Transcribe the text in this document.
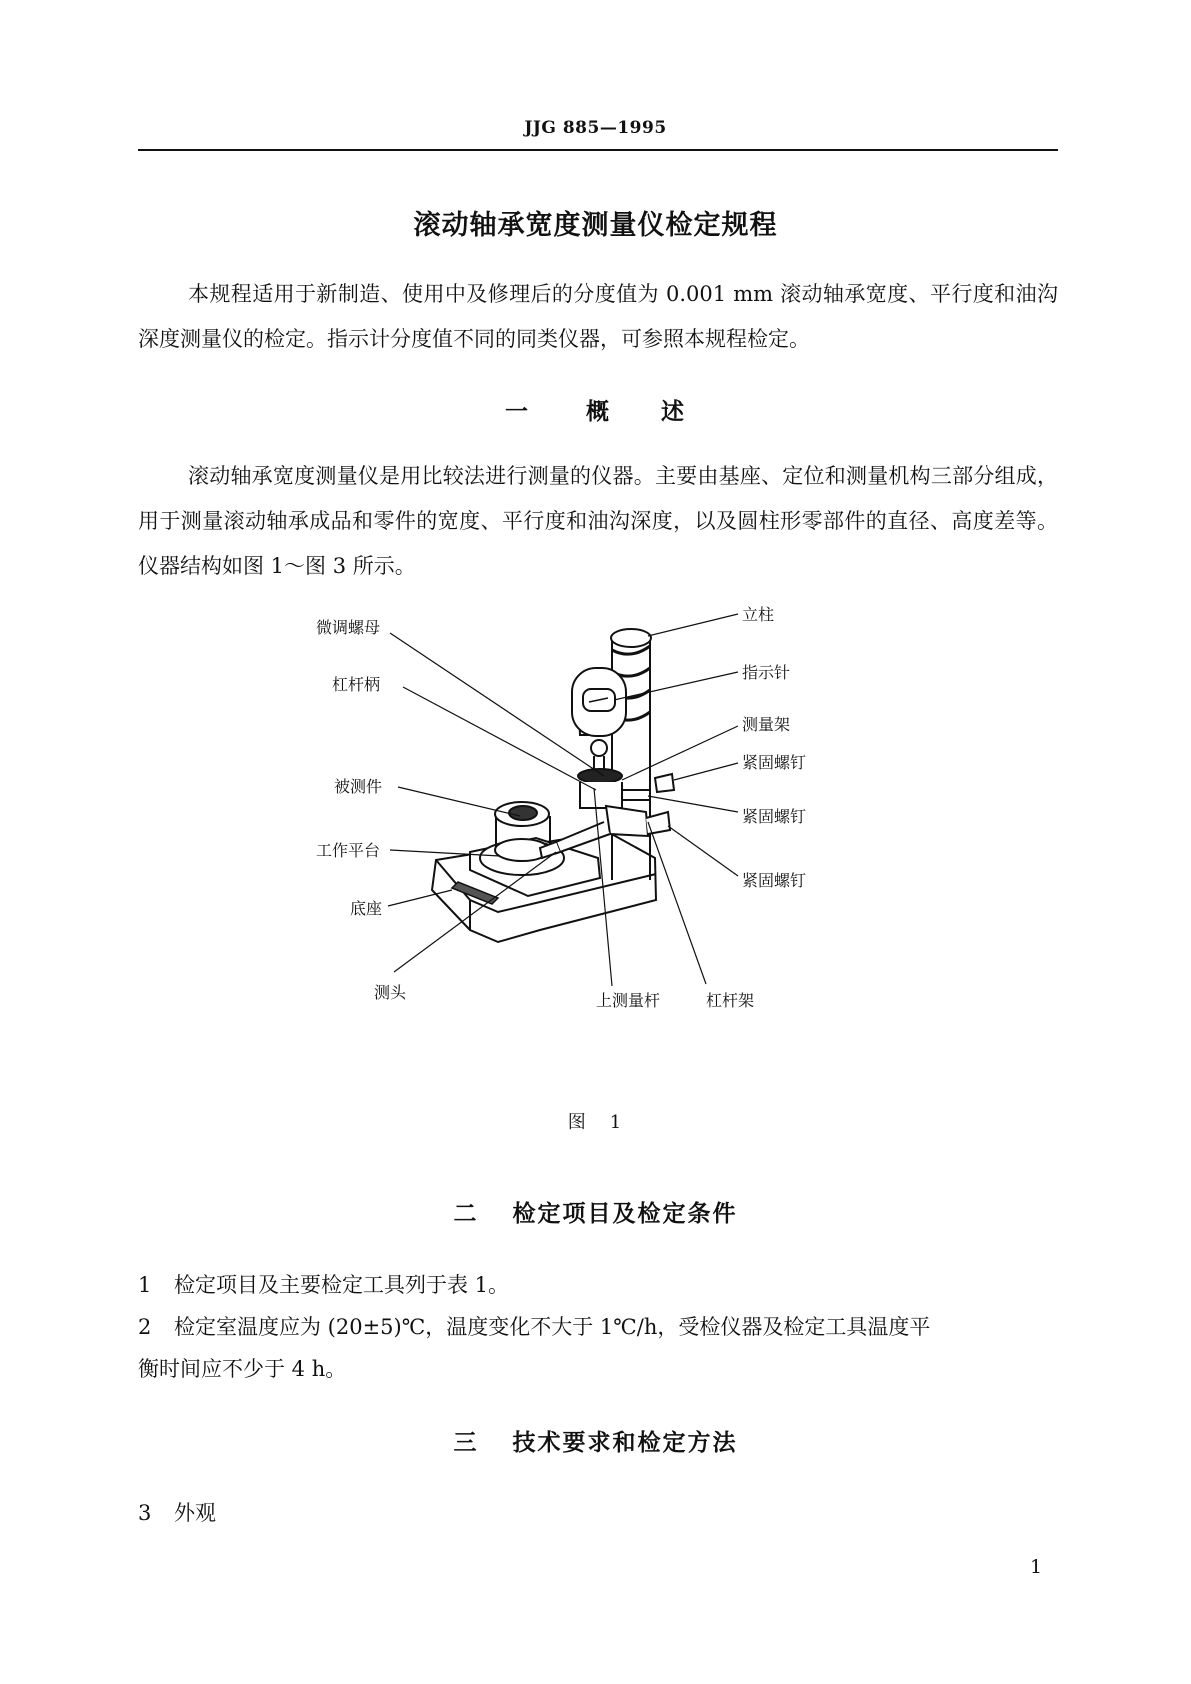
JJG 885—1995
滚动轴承宽度测量仪检定规程
本规程适用于新制造、使用中及修理后的分度值为 0.001 mm 滚动轴承宽度、平行度和油沟深度测量仪的检定。指示计分度值不同的同类仪器，可参照本规程检定。
一 概　　述
滚动轴承宽度测量仪是用比较法进行测量的仪器。主要由基座、定位和测量机构三部分组成，用于测量滚动轴承成品和零件的宽度、平行度和油沟深度，以及圆柱形零部件的直径、高度差等。仪器结构如图 1～图 3 所示。
微调螺母
杠杆柄
被测件
工作平台
底座
测头	上测量杆	杠杆架
立柱
指示针
测量架
紧固螺钉
紧固螺钉
紧固螺钉
图 1
二 检定项目及检定条件
1 检定项目及主要检定工具列于表 1。
2 检定室温度应为 (20±5)℃，温度变化不大于 1℃/h，受检仪器及检定工具温度平
衡时间应不少于 4 h。
三 技术要求和检定方法
3 外观
1
